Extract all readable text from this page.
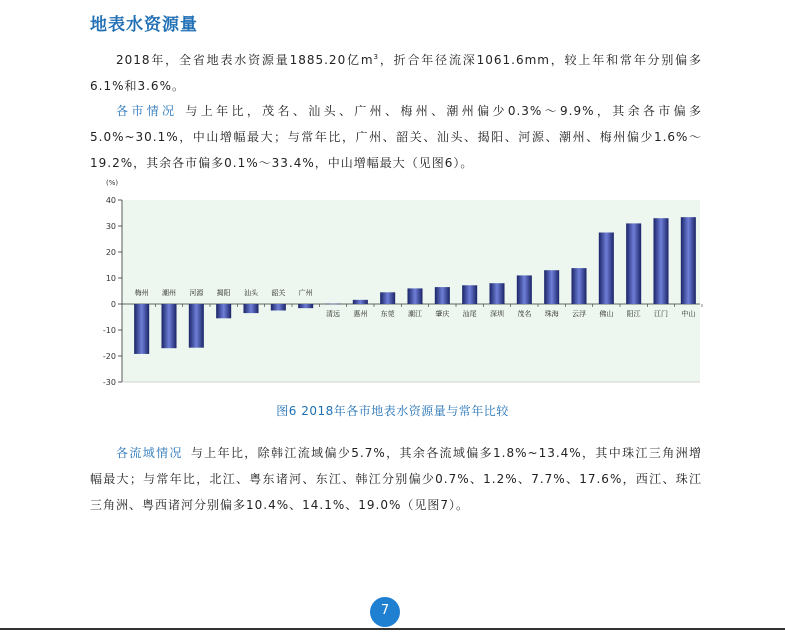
地表水资源量
2018年，全省地表水资源量1885.20亿$m^3$，折合年径流深1061.6mm，较上年和常年分别偏多6.1%和3.6%。
各市情况 与上年比，茂名、汕头、广州、梅州、潮州偏少0.3%～9.9%，其余各市偏多5.0%~30.1%，中山增幅最大；与常年比，广州、韶关、汕头、揭阳、河源、潮州、梅州偏少1.6%～19.2%，其余各市偏多0.1%～33.4%，中山增幅最大（见图6）。
(%)
-30
-20
-10
0
10
20
30
40
梅州 潮州 河源 揭阳 汕头 韶关 广州
清远 惠州 东莞 潮江 肇庆 汕尾 深圳 茂名 珠海 云浮 佛山 阳江 江门 中山
图6 2018年各市地表水资源量与常年比较
各流域情况 与上年比，除韩江流域偏少5.7%，其余各流域偏多1.8%~13.4%，其中珠江三角洲增幅最大；与常年比，北江、粤东诸河、东江、韩江分别偏少0.7%、1.2%、7.7%、17.6%，西江、珠江三角洲、粤西诸河分别偏多10.4%、14.1%、19.0%（见图7）。
7
